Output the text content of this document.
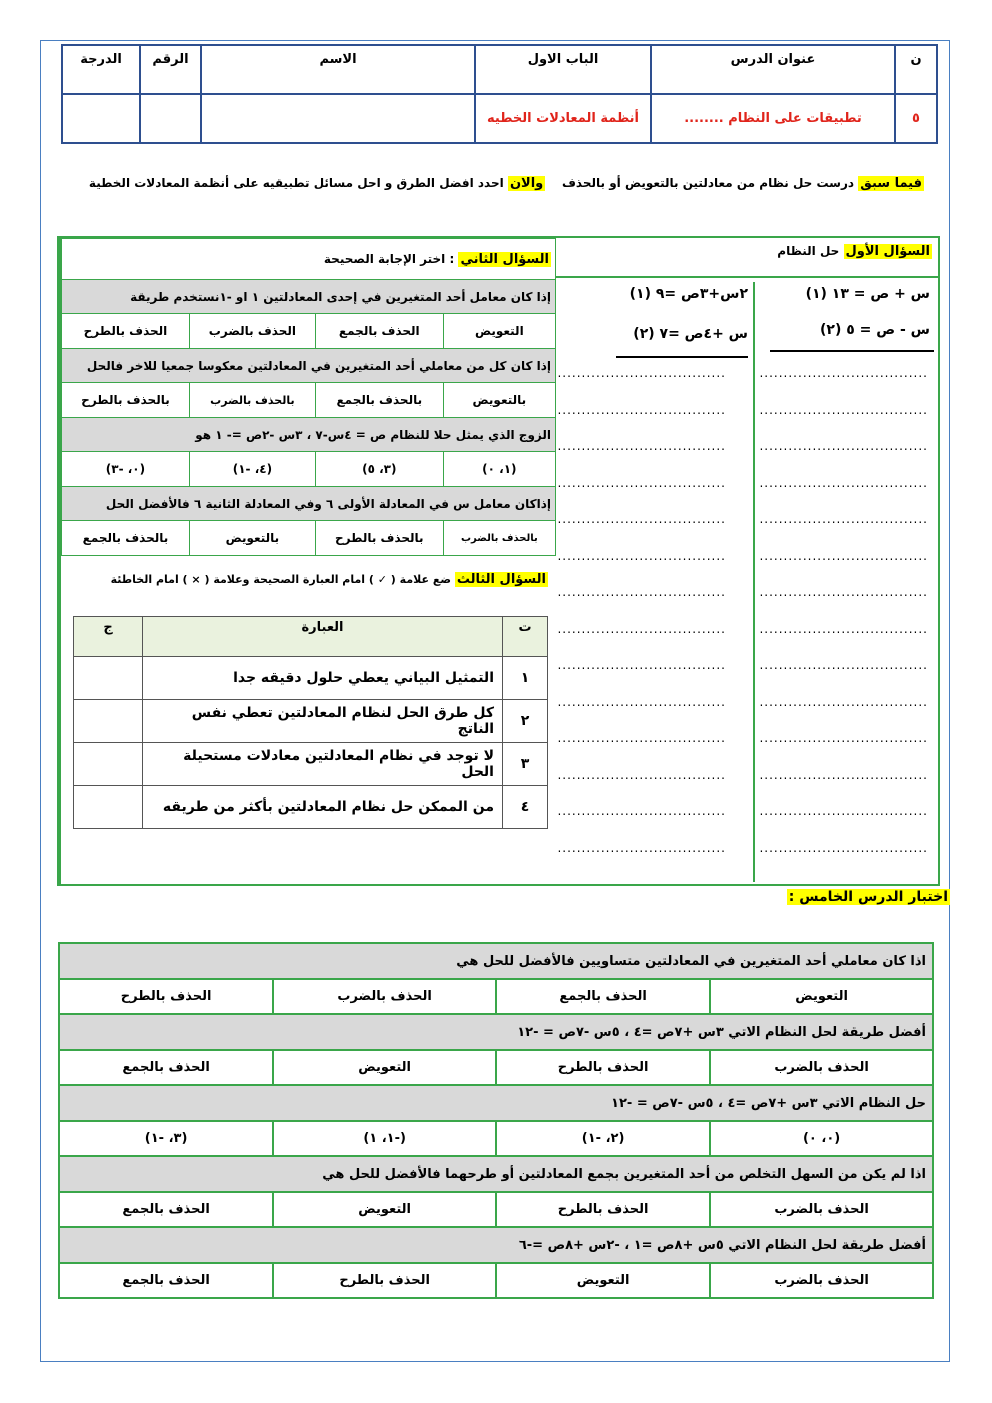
ن	عنوان الدرس	الباب الاول	الاسم	الرقم	الدرجة
٥	تطبيقات على النظام ........	أنظمة المعادلات الخطيه			
فيما سبق درست حل نظام من معادلتين بالتعويض أو بالحذف    والان احدد افضل الطرق و احل مسائل تطبيقيه على أنظمة المعادلات الخطية
السؤال الأول حل النظام
س + ص = ١٣ (١)
س - ص = ٥ (٢)
٢س+٣ص =٩ (١)
س +٤ص =٧ (٢)
...................................
...................................
...................................
...................................
...................................
...................................
...................................
...................................
...................................
...................................
...................................
...................................
...................................
...................................
...................................
...................................
...................................
...................................
...................................
...................................
...................................
...................................
...................................
...................................
...................................
...................................
...................................
...................................
السؤال الثاني : اختر الإجابة الصحيحة			
إذا كان معامل أحد المتغيرين في إحدى المعادلتين ١ او -١نستخدم طريقة			
التعويض	الحذف بالجمع	الحذف بالضرب	الحذف بالطرح
إذا كان كل من معاملي أحد المتغيرين في المعادلتين معكوسا جمعيا للاخر فالحل			
بالتعويض	بالحذف بالجمع	بالحذف بالضرب	بالحذف بالطرح
الزوج الذي يمثل حلا للنظام ص = ٤س-٧ ، ٣س -٢ص =- ١ هو			
(١، ٠)	(٣، ٥)	(٤، -١)	(٠، -٣)
إذاكان معامل س في المعادلة الأولى ٦ وفي المعادلة الثانية ٦ فالأفضل الحل			
بالحذف بالضرب	بالحذف بالطرح	بالتعويض	بالحذف بالجمع
السؤال الثالث ضع علامة ( ✓ ) امام العبارة الصحيحة وعلامة ( × ) امام الخاطئة
ت	العبارة	ج
١	التمثيل البياني يعطي حلول دقيقه جدا	
٢	كل طرق الحل لنظام المعادلتين تعطي نفس الناتج	
٣	لا توجد في نظام المعادلتين معادلات مستحيلة الحل	
٤	من الممكن حل نظام المعادلتين بأكثر من طريقه	
اختبار الدرس الخامس :
اذا كان معاملي أحد المتغيرين في المعادلتين متساويين فالأفضل للحل هي			
التعويض	الحذف بالجمع	الحذف بالضرب	الحذف بالطرح
أفضل طريقة لحل النظام الاتي ٣س +٧ص =٤ ، ٥س -٧ص = -١٢			
الحذف بالضرب	الحذف بالطرح	التعويض	الحذف بالجمع
حل النظام الاتي ٣س +٧ص =٤ ، ٥س -٧ص = -١٢			
(٠، ٠)	(٢، -١)	(-١، ١)	(٣، -١)
اذا لم يكن من السهل التخلص من أحد المتغيرين بجمع المعادلتين أو طرحهما فالأفضل للحل هي			
الحذف بالضرب	الحذف بالطرح	التعويض	الحذف بالجمع
أفضل طريقة لحل النظام الاتي ٥س +٨ص =١ ، -٢س +٨ص =-٦			
الحذف بالضرب	التعويض	الحذف بالطرح	الحذف بالجمع
